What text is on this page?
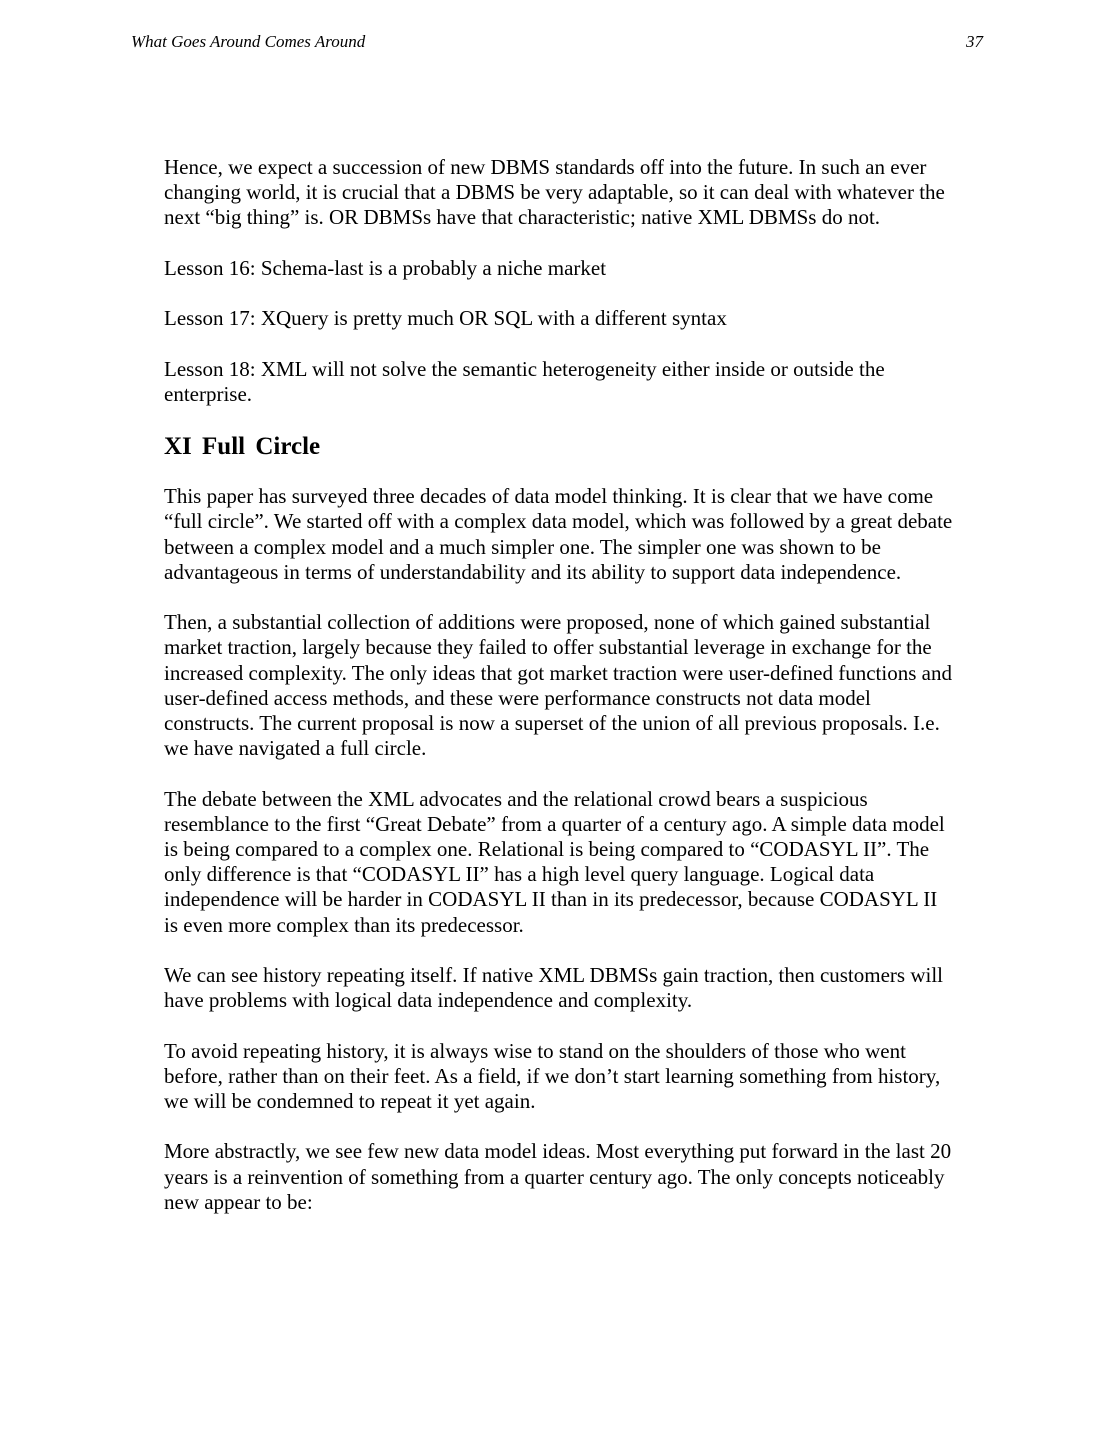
What Goes Around Comes Around	37

Hence, we expect a succession of new DBMS standards off into the future. In such an ever changing world, it is crucial that a DBMS be very adaptable, so it can deal with whatever the next “big thing” is. OR DBMSs have that characteristic; native XML DBMSs do not.

Lesson 16: Schema-last is a probably a niche market

Lesson 17: XQuery is pretty much OR SQL with a different syntax

Lesson 18: XML will not solve the semantic heterogeneity either inside or outside the enterprise.

XI Full Circle

This paper has surveyed three decades of data model thinking. It is clear that we have come “full circle”. We started off with a complex data model, which was followed by a great debate between a complex model and a much simpler one. The simpler one was shown to be advantageous in terms of understandability and its ability to support data independence.

Then, a substantial collection of additions were proposed, none of which gained substantial market traction, largely because they failed to offer substantial leverage in exchange for the increased complexity. The only ideas that got market traction were user-defined functions and user-defined access methods, and these were performance constructs not data model constructs. The current proposal is now a superset of the union of all previous proposals. I.e. we have navigated a full circle.

The debate between the XML advocates and the relational crowd bears a suspicious resemblance to the first “Great Debate” from a quarter of a century ago. A simple data model is being compared to a complex one. Relational is being compared to “CODASYL II”. The only difference is that “CODASYL II” has a high level query language. Logical data independence will be harder in CODASYL II than in its predecessor, because CODASYL II is even more complex than its predecessor.

We can see history repeating itself. If native XML DBMSs gain traction, then customers will have problems with logical data independence and complexity.

To avoid repeating history, it is always wise to stand on the shoulders of those who went before, rather than on their feet. As a field, if we don’t start learning something from history, we will be condemned to repeat it yet again.

More abstractly, we see few new data model ideas. Most everything put forward in the last 20 years is a reinvention of something from a quarter century ago. The only concepts noticeably new appear to be:
